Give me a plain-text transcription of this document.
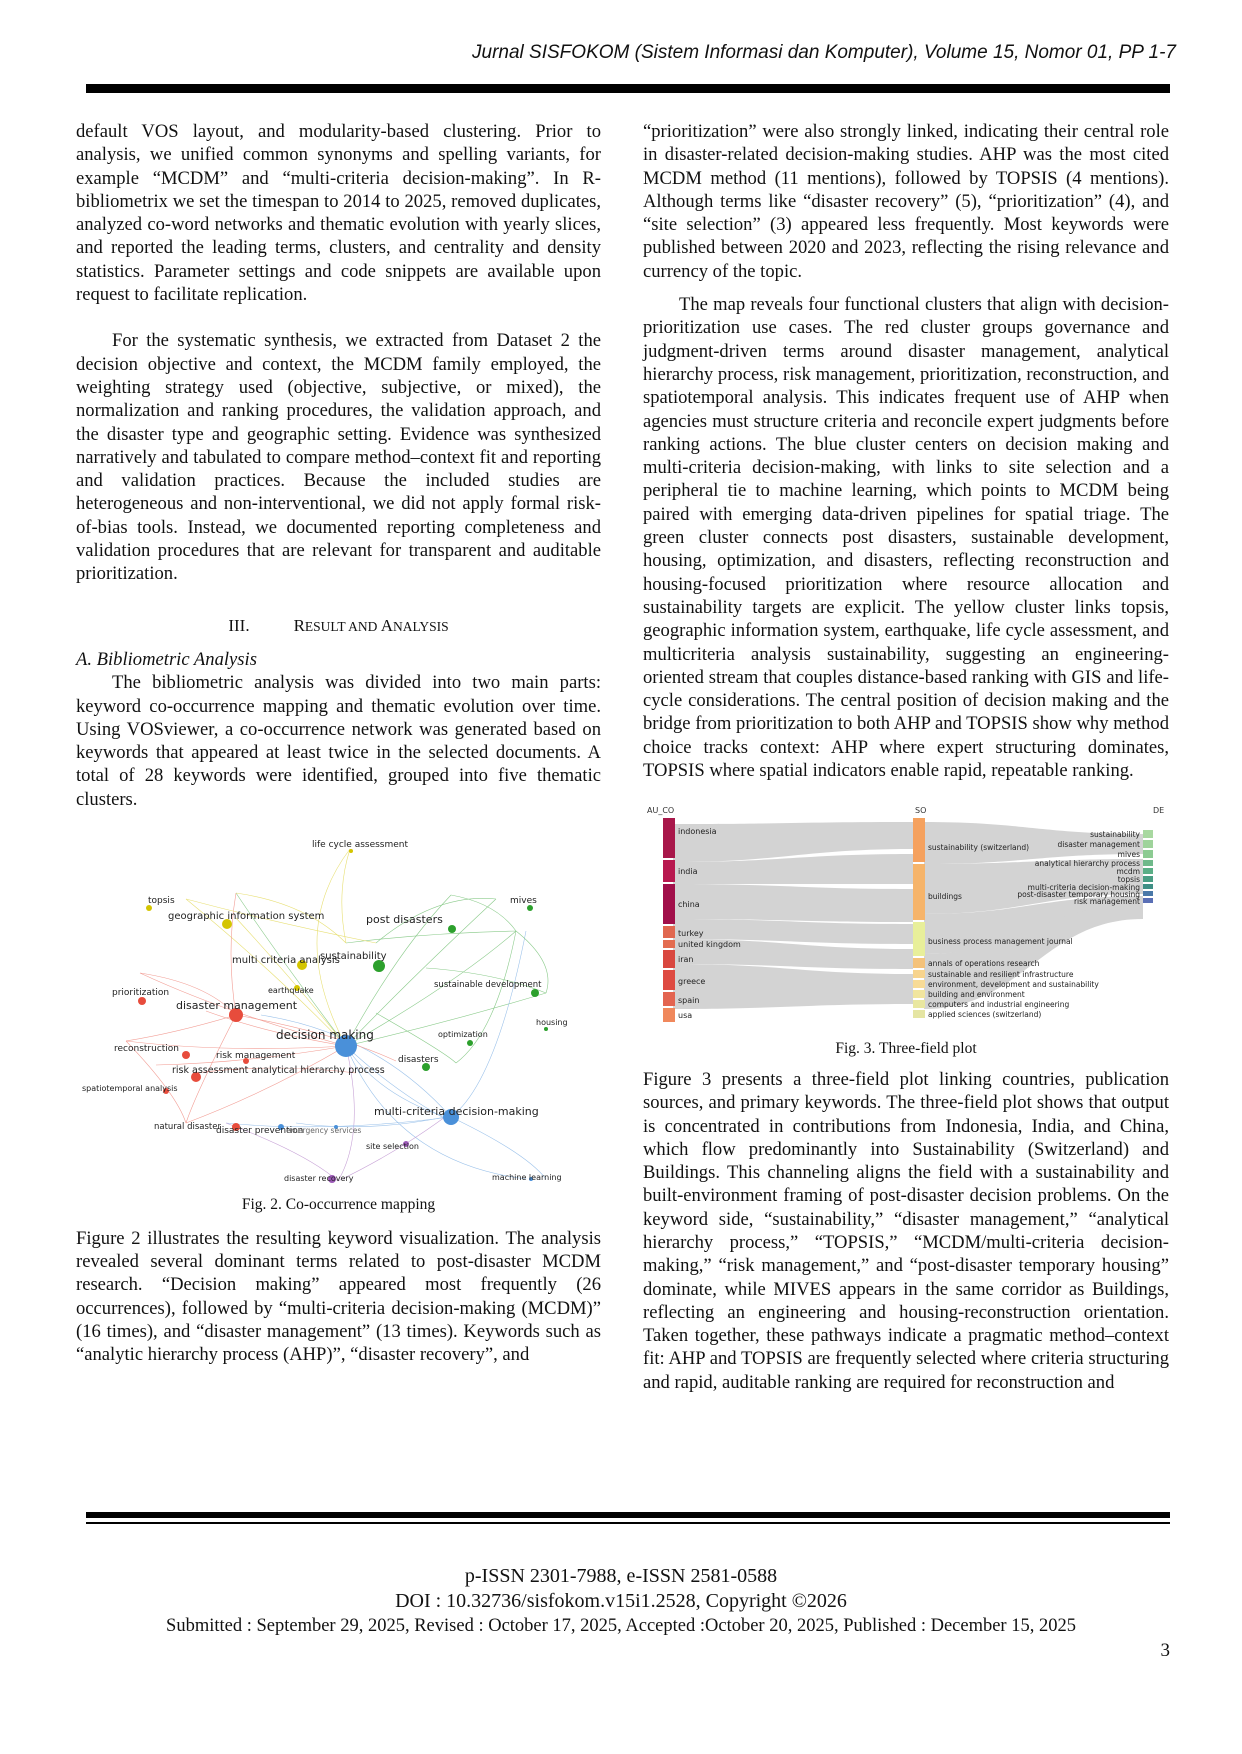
Jurnal SISFOKOM (Sistem Informasi dan Komputer), Volume 15, Nomor 01, PP 1-7

default VOS layout, and modularity-based clustering. Prior to analysis, we unified common synonyms and spelling variants, for example “MCDM” and “multi-criteria decision-making”. In R-bibliometrix we set the timespan to 2014 to 2025, removed duplicates, analyzed co-word networks and thematic evolution with yearly slices, and reported the leading terms, clusters, and centrality and density statistics. Parameter settings and code snippets are available upon request to facilitate replication.

For the systematic synthesis, we extracted from Dataset 2 the decision objective and context, the MCDM family employed, the weighting strategy used (objective, subjective, or mixed), the normalization and ranking procedures, the validation approach, and the disaster type and geographic setting. Evidence was synthesized narratively and tabulated to compare method–context fit and reporting and validation practices. Because the included studies are heterogeneous and non-interventional, we did not apply formal risk-of-bias tools. Instead, we documented reporting completeness and validation procedures that are relevant for transparent and auditable prioritization.

III.	RESULT AND ANALYSIS

A. Bibliometric Analysis

The bibliometric analysis was divided into two main parts: keyword co-occurrence mapping and thematic evolution over time. Using VOSviewer, a co-occurrence network was generated based on keywords that appeared at least twice in the selected documents. A total of 28 keywords were identified, grouped into five thematic clusters.

life cycle assessment
topsis
geographic information system	post disasters
mives
multi criteria analysis
sustainability
prioritization	earthquake
sustainable development
disaster management
decision making
housing
reconstruction
optimization
risk management	disasters
risk assessment analytical hierarchy process
spatiotemporal analysis
multi-criteria decision-making
natural disaster
disaster prevention
emergency services
site selection
disaster recovery	machine learning
Fig. 2. Co-occurrence mapping

Figure 2 illustrates the resulting keyword visualization. The analysis revealed several dominant terms related to post-disaster MCDM research. “Decision making” appeared most frequently (26 occurrences), followed by “multi-criteria decision-making (MCDM)” (16 times), and “disaster management” (13 times). Keywords such as “analytic hierarchy process (AHP)”, “disaster recovery”, and

“prioritization” were also strongly linked, indicating their central role in disaster-related decision-making studies. AHP was the most cited MCDM method (11 mentions), followed by TOPSIS (4 mentions). Although terms like “disaster recovery” (5), “prioritization” (4), and “site selection” (3) appeared less frequently. Most keywords were published between 2020 and 2023, reflecting the rising relevance and currency of the topic.

The map reveals four functional clusters that align with decision-prioritization use cases. The red cluster groups governance and judgment-driven terms around disaster management, analytical hierarchy process, risk management, prioritization, reconstruction, and spatiotemporal analysis. This indicates frequent use of AHP when agencies must structure criteria and reconcile expert judgments before ranking actions. The blue cluster centers on decision making and multi-criteria decision-making, with links to site selection and a peripheral tie to machine learning, which points to MCDM being paired with emerging data-driven pipelines for spatial triage. The green cluster connects post disasters, sustainable development, housing, optimization, and disasters, reflecting reconstruction and housing-focused prioritization where resource allocation and sustainability targets are explicit. The yellow cluster links topsis, geographic information system, earthquake, life cycle assessment, and multicriteria analysis sustainability, suggesting an engineering-oriented stream that couples distance-based ranking with GIS and life-cycle considerations. The central position of decision making and the bridge from prioritization to both AHP and TOPSIS show why method choice tracks context: AHP where expert structuring dominates, TOPSIS where spatial indicators enable rapid, repeatable ranking.

AU_CO	SO	DE
indonesia
india
china
turkey
united kingdom
iran
greece
spain
usa
sustainability (switzerland)
buildings
business process management journal
annals of operations research
sustainable and resilient infrastructure
environment, development and sustainability
building and environment
computers and industrial engineering
applied sciences (switzerland)
sustainability
disaster management
mives
analytical hierarchy process
mcdm
topsis
multi-criteria decision-making
post-disaster temporary housing
risk management
Fig. 3. Three-field plot

Figure 3 presents a three-field plot linking countries, publication sources, and primary keywords. The three-field plot shows that output is concentrated in contributions from Indonesia, India, and China, which flow predominantly into Sustainability (Switzerland) and Buildings. This channeling aligns the field with a sustainability and built-environment framing of post-disaster decision problems. On the keyword side, “sustainability,” “disaster management,” “analytical hierarchy process,” “TOPSIS,” “MCDM/multi-criteria decision-making,” “risk management,” and “post-disaster temporary housing” dominate, while MIVES appears in the same corridor as Buildings, reflecting an engineering and housing-reconstruction orientation. Taken together, these pathways indicate a pragmatic method–context fit: AHP and TOPSIS are frequently selected where criteria structuring and rapid, auditable ranking are required for reconstruction and

p-ISSN 2301-7988, e-ISSN 2581-0588
DOI : 10.32736/sisfokom.v15i1.2528, Copyright ©2026
Submitted : September 29, 2025, Revised : October 17, 2025, Accepted :October 20, 2025, Published : December 15, 2025
3
